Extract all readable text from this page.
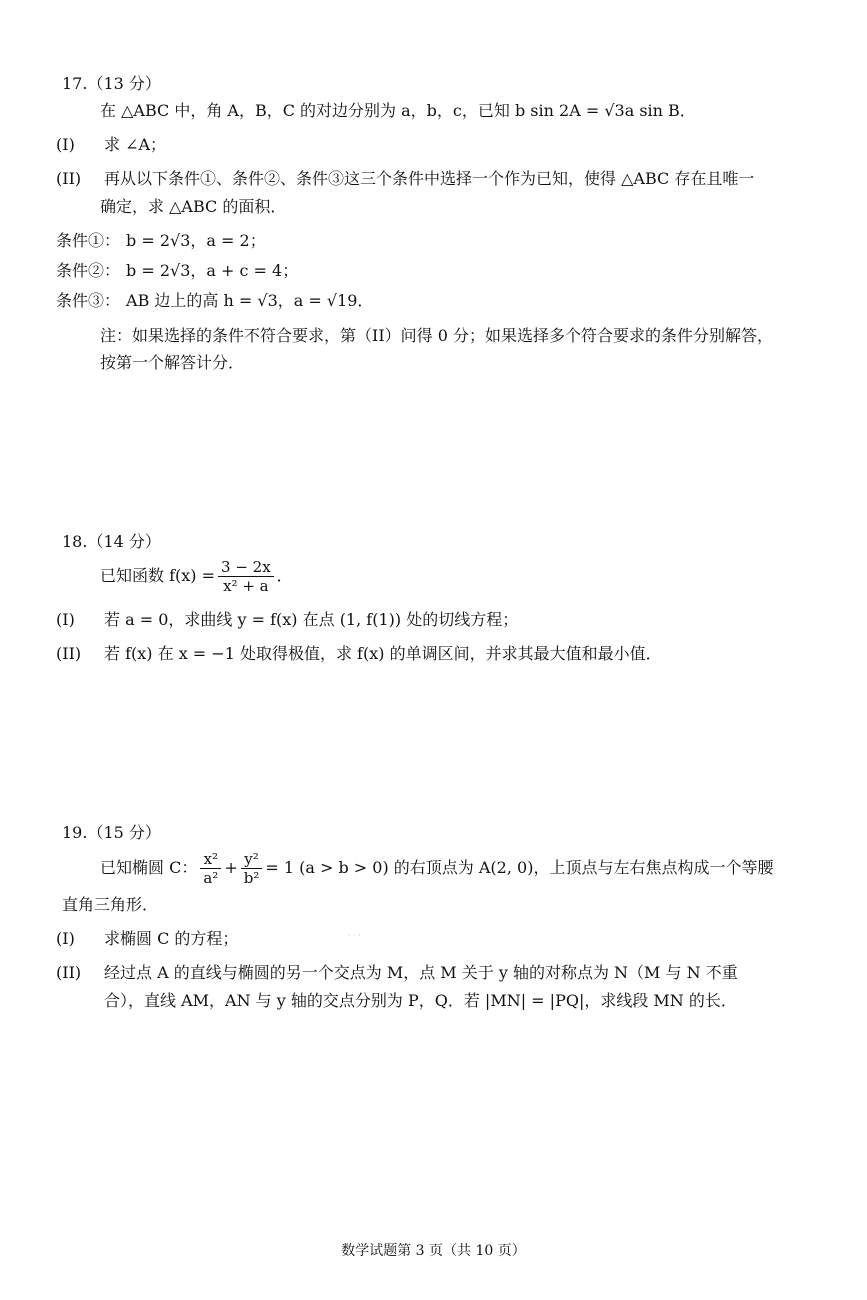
17.（13 分）
在 △ABC 中，角 A，B，C 的对边分别为 a，b，c，已知 b sin 2A = √3a sin B．
(I) 求 ∠A；
(II) 再从以下条件①、条件②、条件③这三个条件中选择一个作为已知，使得 △ABC 存在且唯一
确定，求 △ABC 的面积．
条件①： b = 2√3，a = 2；
条件②： b = 2√3，a + c = 4；
条件③： AB 边上的高 h = √3，a = √19．
注：如果选择的条件不符合要求，第（II）问得 0 分；如果选择多个符合要求的条件分别解答，
按第一个解答计分．
18.（14 分）
已知函数 $f(x) = \frac{3 - 2x}{\text{x² + a}}$ ．
(I) 若 a = 0，求曲线 y = f(x) 在点 (1, f(1)) 处的切线方程；
(II) 若 f(x) 在 x = −1 处取得极值，求 f(x) 的单调区间，并求其最大值和最小值．
19.（15 分）
已知椭圆 C： $\frac{\text{x²}}{\text{a²}} + \frac{\text{y²}}{\text{b²}} = 1$ (a > b > 0) 的右顶点为 A(2, 0)，上顶点与左右焦点构成一个等腰
直角三角形．
(I) 求椭圆 C 的方程；	· · ·
(II) 经过点 A 的直线与椭圆的另一个交点为 M，点 M 关于 y 轴的对称点为 N（M 与 N 不重
合），直线 AM，AN 与 y 轴的交点分别为 P，Q．若 |MN| = |PQ|，求线段 MN 的长．
数学试题第 3 页（共 10 页）
